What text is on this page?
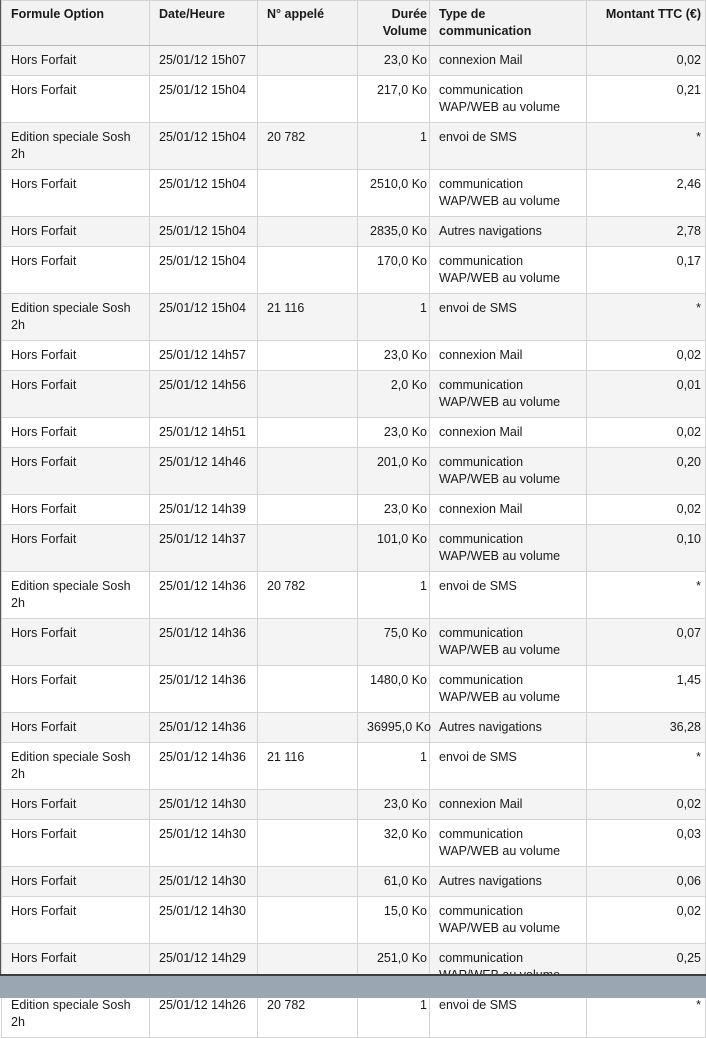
Formule Option	Date/Heure	N° appelé	Durée Volume	Type de communication	Montant TTC (€)
Hors Forfait	25/01/12 15h07		23,0 Ko	connexion Mail	0,02
Hors Forfait	25/01/12 15h04		217,0 Ko	communication WAP/WEB au volume	0,21
Edition speciale Sosh 2h	25/01/12 15h04	20 782	1	envoi de SMS	*
Hors Forfait	25/01/12 15h04		2510,0 Ko	communication WAP/WEB au volume	2,46
Hors Forfait	25/01/12 15h04		2835,0 Ko	Autres navigations	2,78
Hors Forfait	25/01/12 15h04		170,0 Ko	communication WAP/WEB au volume	0,17
Edition speciale Sosh 2h	25/01/12 15h04	21 116	1	envoi de SMS	*
Hors Forfait	25/01/12 14h57		23,0 Ko	connexion Mail	0,02
Hors Forfait	25/01/12 14h56		2,0 Ko	communication WAP/WEB au volume	0,01
Hors Forfait	25/01/12 14h51		23,0 Ko	connexion Mail	0,02
Hors Forfait	25/01/12 14h46		201,0 Ko	communication WAP/WEB au volume	0,20
Hors Forfait	25/01/12 14h39		23,0 Ko	connexion Mail	0,02
Hors Forfait	25/01/12 14h37		101,0 Ko	communication WAP/WEB au volume	0,10
Edition speciale Sosh 2h	25/01/12 14h36	20 782	1	envoi de SMS	*
Hors Forfait	25/01/12 14h36		75,0 Ko	communication WAP/WEB au volume	0,07
Hors Forfait	25/01/12 14h36		1480,0 Ko	communication WAP/WEB au volume	1,45
Hors Forfait	25/01/12 14h36		36995,0 Ko	Autres navigations	36,28
Edition speciale Sosh 2h	25/01/12 14h36	21 116	1	envoi de SMS	*
Hors Forfait	25/01/12 14h30		23,0 Ko	connexion Mail	0,02
Hors Forfait	25/01/12 14h30		32,0 Ko	communication WAP/WEB au volume	0,03
Hors Forfait	25/01/12 14h30		61,0 Ko	Autres navigations	0,06
Hors Forfait	25/01/12 14h30		15,0 Ko	communication WAP/WEB au volume	0,02
Hors Forfait	25/01/12 14h29		251,0 Ko	communication	0,25
Edition speciale Sosh 2h	25/01/12 14h26	20 782	1	envoi de SMS	*
